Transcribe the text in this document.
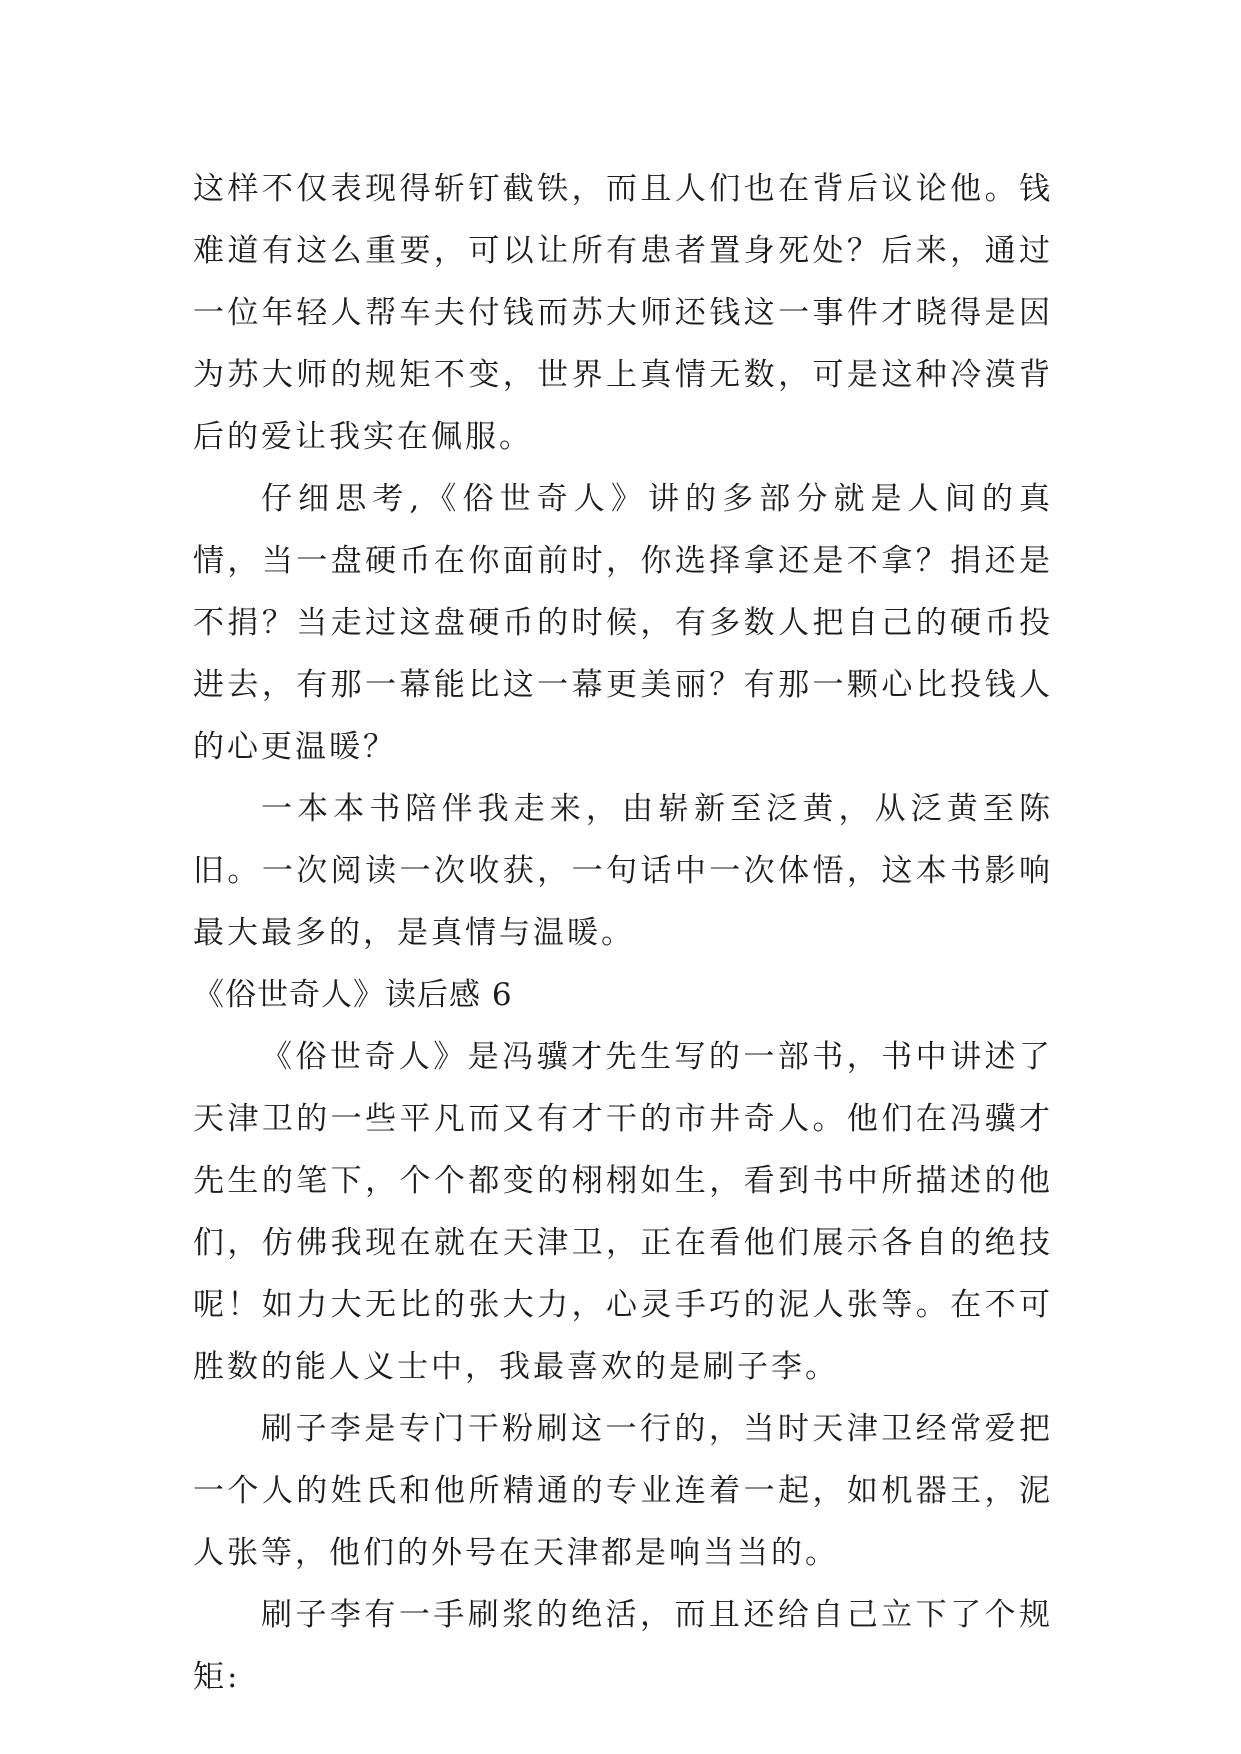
这样不仅表现得斩钉截铁，而且人们也在背后议论他。钱难道有这么重要，可以让所有患者置身死处？后来，通过一位年轻人帮车夫付钱而苏大师还钱这一事件才晓得是因为苏大师的规矩不变，世界上真情无数，可是这种冷漠背后的爱让我实在佩服。

仔细思考,《俗世奇人》讲的多部分就是人间的真情，当一盘硬币在你面前时，你选择拿还是不拿？捐还是不捐？当走过这盘硬币的时候，有多数人把自己的硬币投进去，有那一幕能比这一幕更美丽？有那一颗心比投钱人的心更温暖？

一本本书陪伴我走来，由崭新至泛黄，从泛黄至陈旧。一次阅读一次收获，一句话中一次体悟，这本书影响最大最多的，是真情与温暖。

《俗世奇人》读后感 6

《俗世奇人》是冯骥才先生写的一部书，书中讲述了天津卫的一些平凡而又有才干的市井奇人。他们在冯骥才先生的笔下，个个都变的栩栩如生，看到书中所描述的他们，仿佛我现在就在天津卫，正在看他们展示各自的绝技呢！如力大无比的张大力，心灵手巧的泥人张等。在不可胜数的能人义士中，我最喜欢的是刷子李。

刷子李是专门干粉刷这一行的，当时天津卫经常爱把一个人的姓氏和他所精通的专业连着一起，如机器王，泥人张等，他们的外号在天津都是响当当的。

刷子李有一手刷浆的绝活，而且还给自己立下了个规矩:
